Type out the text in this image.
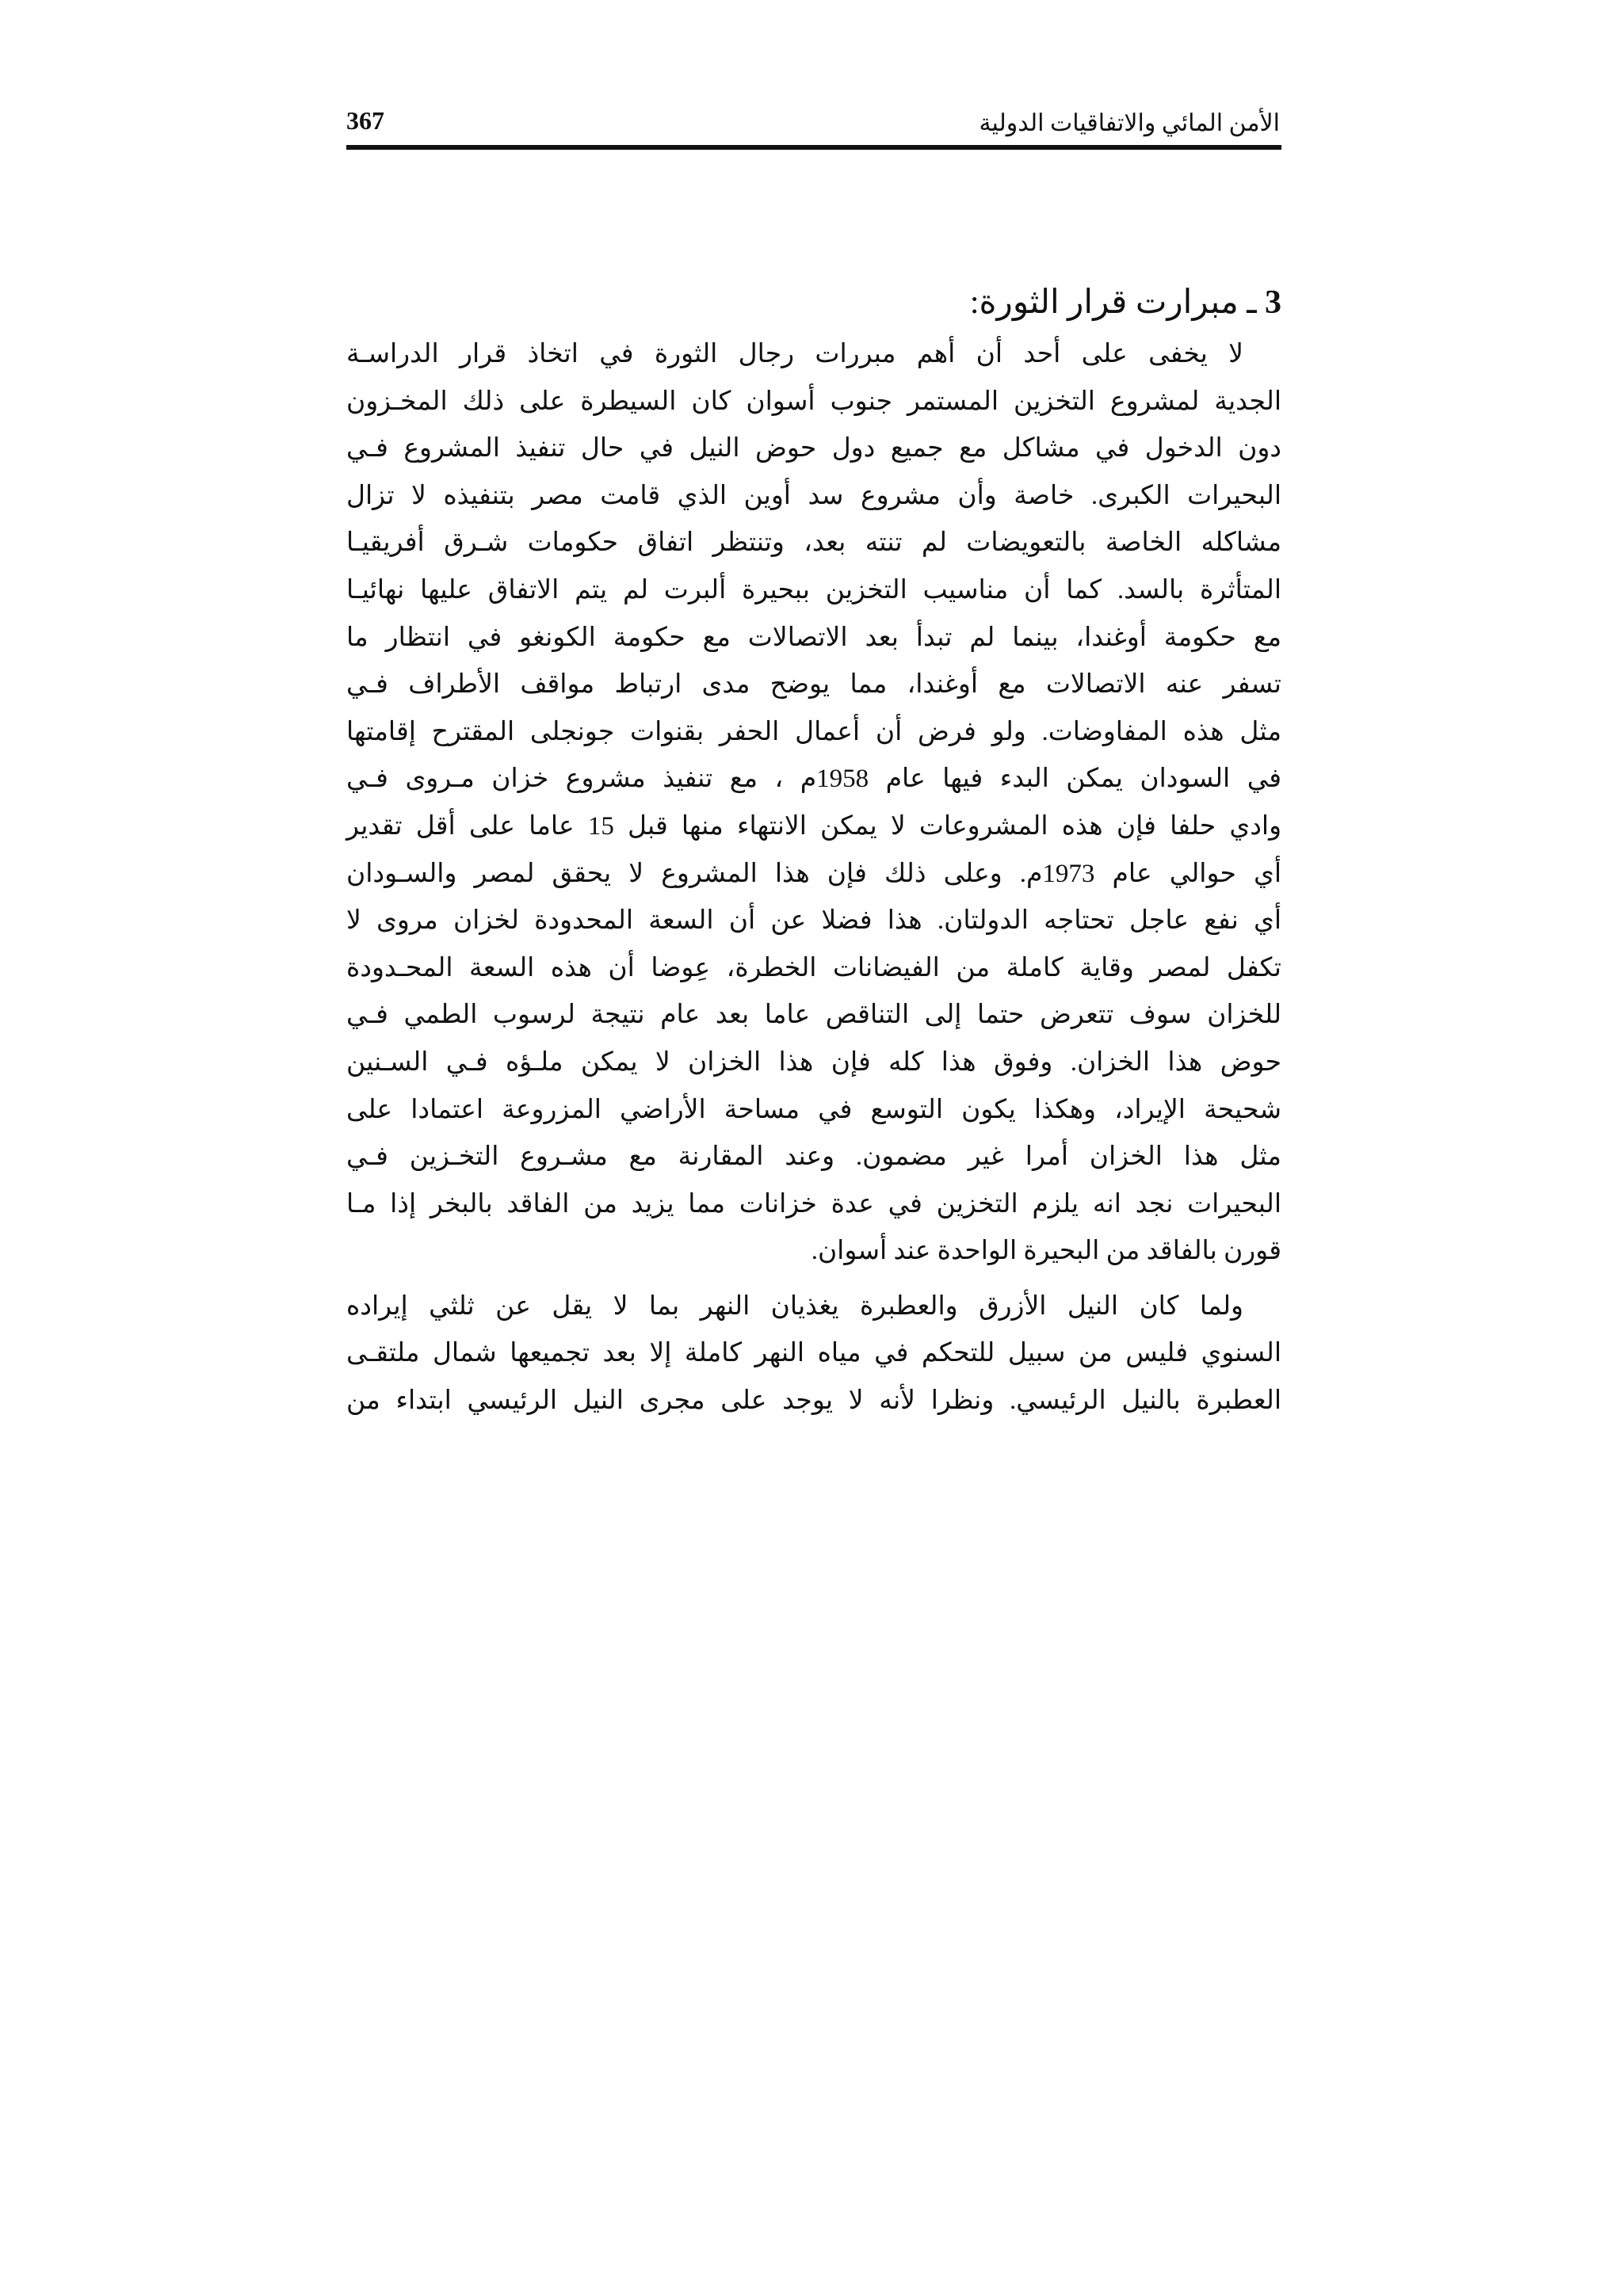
الأمن المائي والاتفاقيات الدولية
367
3 ـ مبرارت قرار الثورة:
لا يخفى على أحد أن أهم مبررات رجال الثورة في اتخاذ قرار الدراسـة
الجدية لمشروع التخزين المستمر جنوب أسوان كان السيطرة على ذلك المخـزون
دون الدخول في مشاكل مع جميع دول حوض النيل في حال تنفيذ المشروع فـي
البحيرات الكبرى. خاصة وأن مشروع سد أوين الذي قامت مصر بتنفيذه لا تزال
مشاكله الخاصة بالتعويضات لم تنته بعد، وتنتظر اتفاق حكومات شـرق أفريقيـا
المتأثرة بالسد. كما أن مناسيب التخزين ببحيرة ألبرت لم يتم الاتفاق عليها نهائيـا
مع حكومة أوغندا، بينما لم تبدأ بعد الاتصالات مع حكومة الكونغو في انتظار ما
تسفر عنه الاتصالات مع أوغندا، مما يوضح مدى ارتباط مواقف الأطراف فـي
مثل هذه المفاوضات. ولو فرض أن أعمال الحفر بقنوات جونجلى المقترح إقامتها
في السودان يمكن البدء فيها عام 1958م ، مع تنفيذ مشروع خزان مـروى فـي
وادي حلفا فإن هذه المشروعات لا يمكن الانتهاء منها قبل 15 عاما على أقل تقدير
أي حوالي عام 1973م. وعلى ذلك فإن هذا المشروع لا يحقق لمصر والسـودان
أي نفع عاجل تحتاجه الدولتان. هذا فضلا عن أن السعة المحدودة لخزان مروى لا
تكفل لمصر وقاية كاملة من الفيضانات الخطرة، عِوضا أن هذه السعة المحـدودة
للخزان سوف تتعرض حتما إلى التناقص عاما بعد عام نتيجة لرسوب الطمي فـي
حوض هذا الخزان. وفوق هذا كله فإن هذا الخزان لا يمكن ملـؤه فـي السـنين
شحيحة الإيراد، وهكذا يكون التوسع في مساحة الأراضي المزروعة اعتمادا على
مثل هذا الخزان أمرا غير مضمون. وعند المقارنة مع مشـروع التخـزين فـي
البحيرات نجد انه يلزم التخزين في عدة خزانات مما يزيد من الفاقد بالبخر إذا مـا
قورن بالفاقد من البحيرة الواحدة عند أسوان.
ولما كان النيل الأزرق والعطبرة يغذيان النهر بما لا يقل عن ثلثي إيراده
السنوي فليس من سبيل للتحكم في مياه النهر كاملة إلا بعد تجميعها شمال ملتقـى
العطبرة بالنيل الرئيسي. ونظرا لأنه لا يوجد على مجرى النيل الرئيسي ابتداء من
